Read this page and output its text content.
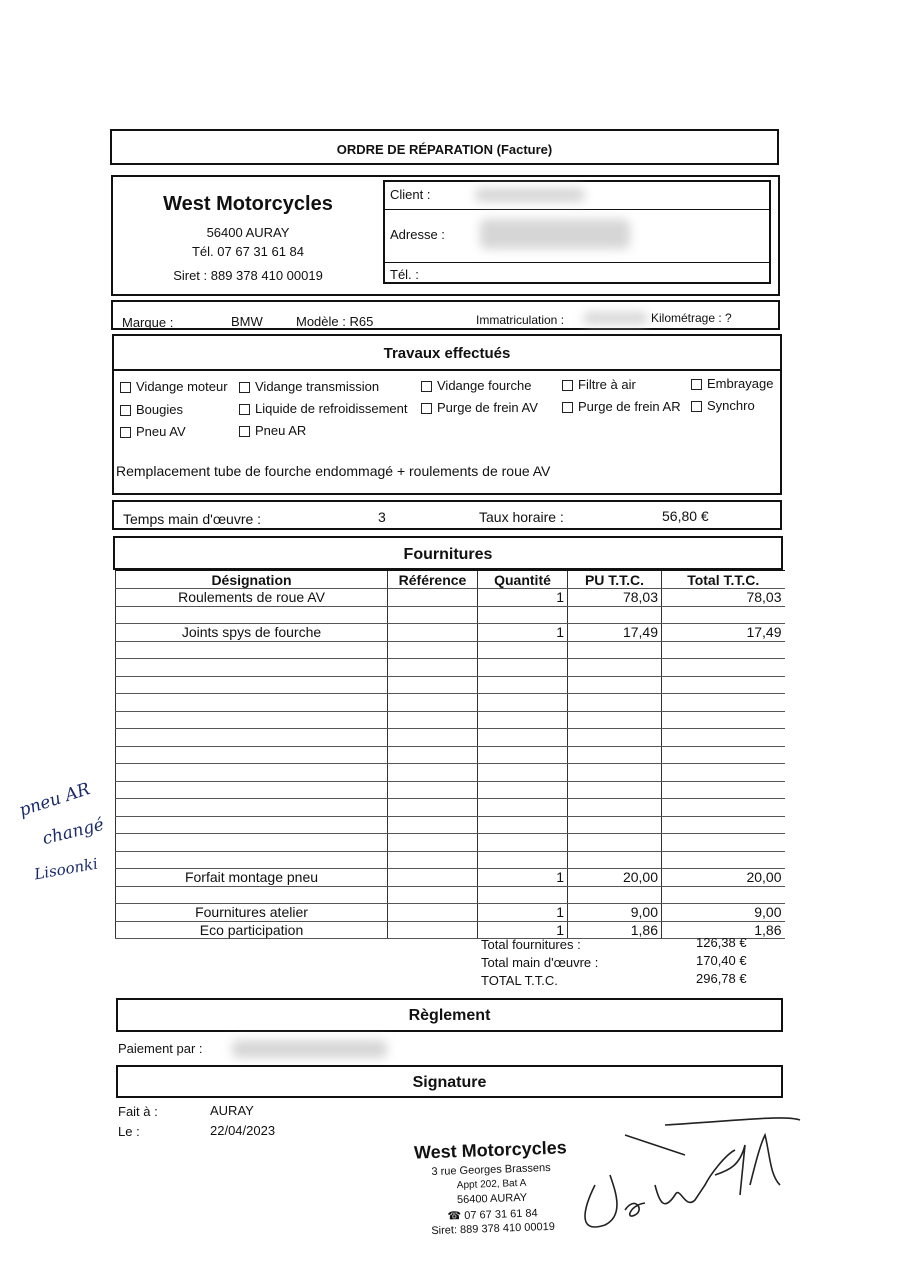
ORDRE DE RÉPARATION (Facture)
West Motorcycles
56400 AURAY
Tél. 07 67 31 61 84
Siret : 889 378 410 00019
Client :
Adresse :
Tél. :
Marque :	BMW	Modèle : R65	Immatriculation :	Kilométrage : ?
Travaux effectués
Vidange moteur	Vidange transmission	Vidange fourche	Filtre à air	Embrayage
Bougies	Liquide de refroidissement	Purge de frein AV	Purge de frein AR	Synchro
Pneu AV	Pneu AR
Remplacement tube de fourche endommagé + roulements de roue AV
Temps main d'œuvre :	3	Taux horaire :	56,80 €
Fournitures
Désignation	Référence	Quantité	PU T.T.C.	Total T.T.C.
Roulements de roue AV		1	78,03	78,03

Joints spys de fourche		1	17,49	17,49

Forfait montage pneu		1	20,00	20,00

Fournitures atelier		1	9,00	9,00
Eco participation		1	1,86	1,86
Total fournitures :	126,38 €
Total main d'œuvre :	170,40 €
TOTAL T.T.C.	296,78 €
Règlement
Paiement par :
Signature
Fait à :	AURAY
Le :	22/04/2023
West Motorcycles
3 rue Georges Brassens
Appt 202, Bat A
56400 AURAY
☎ 07 67 31 61 84
Siret: 889 378 410 00019
pneu AR
changé
Lisoonki
